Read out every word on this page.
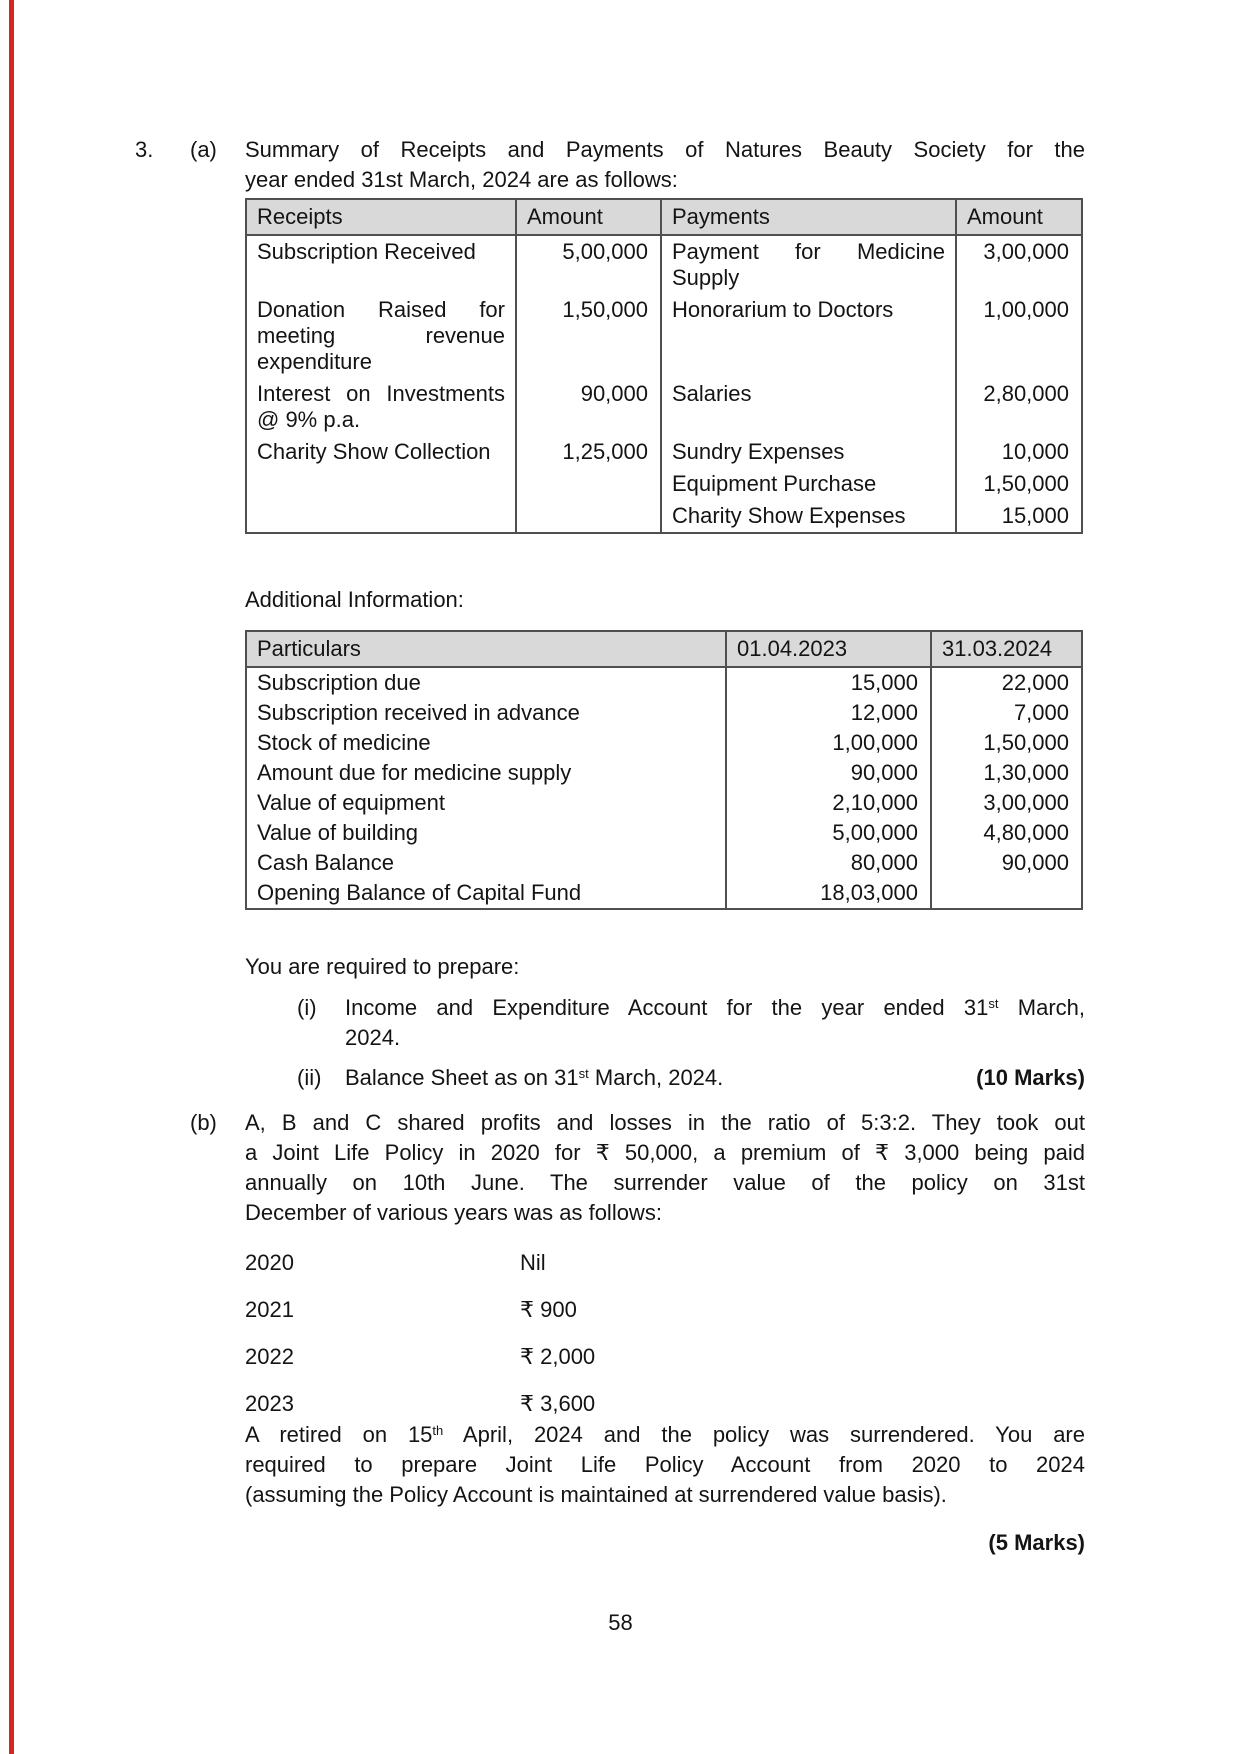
3.	(a)	Summary of Receipts and Payments of Natures Beauty Society for the
year ended 31st March, 2024 are as follows:
Receipts	Amount	Payments	Amount
Subscription Received	5,00,000	Payment for Medicine Supply	3,00,000
Donation Raised for meeting revenue expenditure	1,50,000	Honorarium to Doctors	1,00,000
Interest on Investments @ 9% p.a.	90,000	Salaries	2,80,000
Charity Show Collection	1,25,000	Sundry Expenses	10,000
		Equipment Purchase	1,50,000
		Charity Show Expenses	15,000
Additional Information:
Particulars	01.04.2023	31.03.2024
Subscription due	15,000	22,000
Subscription received in advance	12,000	7,000
Stock of medicine	1,00,000	1,50,000
Amount due for medicine supply	90,000	1,30,000
Value of equipment	2,10,000	3,00,000
Value of building	5,00,000	4,80,000
Cash Balance	80,000	90,000
Opening Balance of Capital Fund	18,03,000	
You are required to prepare:
(i)	Income and Expenditure Account for the year ended 31st March,
2024.
(ii)	Balance Sheet as on 31st March, 2024.	(10 Marks)
(b)	A, B and C shared profits and losses in the ratio of 5:3:2. They took out
a Joint Life Policy in 2020 for ₹ 50,000, a premium of ₹ 3,000 being paid
annually on 10th June. The surrender value of the policy on 31st
December of various years was as follows:
2020	Nil
2021	₹ 900
2022	₹ 2,000
2023	₹ 3,600
A retired on 15th April, 2024 and the policy was surrendered. You are
required to prepare Joint Life Policy Account from 2020 to 2024
(assuming the Policy Account is maintained at surrendered value basis).
(5 Marks)
58
